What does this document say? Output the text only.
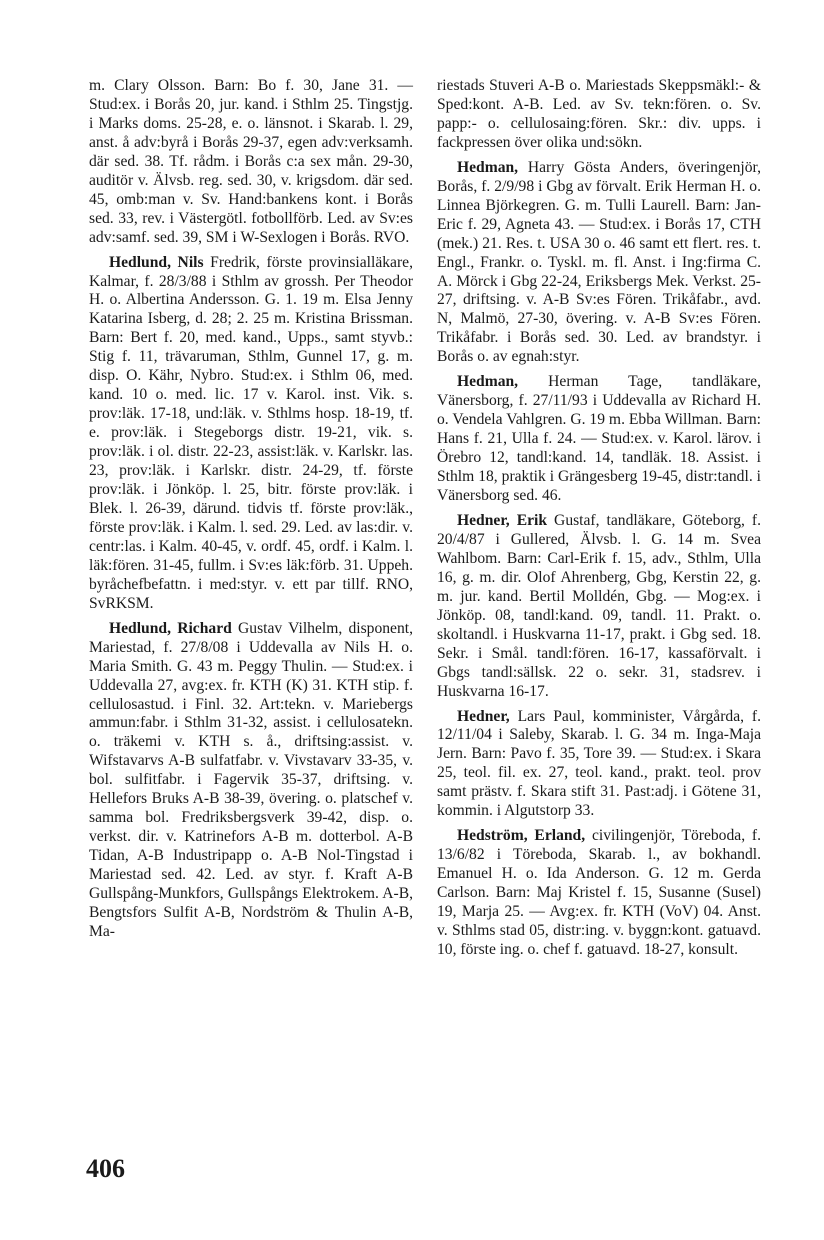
m. Clary Olsson. Barn: Bo f. 30, Jane 31. — Stud:ex. i Borås 20, jur. kand. i Sthlm 25. Tingstjg. i Marks doms. 25-28, e. o. länsnot. i Skarab. l. 29, anst. å adv:byrå i Borås 29-37, egen adv:verksamh. där sed. 38. Tf. rådm. i Borås c:a sex mån. 29-30, auditör v. Älvsb. reg. sed. 30, v. krigsdom. där sed. 45, omb:man v. Sv. Hand:bankens kont. i Borås sed. 33, rev. i Västergötl. fotbollförb. Led. av Sv:es adv:samf. sed. 39, SM i W-Sexlogen i Borås. RVO.

Hedlund, Nils Fredrik, förste provinsialläkare, Kalmar, f. 28/3/88 i Sthlm av grossh. Per Theodor H. o. Albertina Andersson. G. 1. 19 m. Elsa Jenny Katarina Isberg, d. 28; 2. 25 m. Kristina Brissman. Barn: Bert f. 20, med. kand., Upps., samt styvb.: Stig f. 11, trävaruman, Sthlm, Gunnel 17, g. m. disp. O. Kähr, Nybro. Stud:ex. i Sthlm 06, med. kand. 10 o. med. lic. 17 v. Karol. inst. Vik. s. prov:läk. 17-18, und:läk. v. Sthlms hosp. 18-19, tf. e. prov:läk. i Stegeborgs distr. 19-21, vik. s. prov:läk. i ol. distr. 22-23, assist:läk. v. Karlskr. las. 23, prov:läk. i Karlskr. distr. 24-29, tf. förste prov:läk. i Jönköp. l. 25, bitr. förste prov:läk. i Blek. l. 26-39, därund. tidvis tf. förste prov:läk., förste prov:läk. i Kalm. l. sed. 29. Led. av las:dir. v. centr:las. i Kalm. 40-45, v. ordf. 45, ordf. i Kalm. l. läk:fören. 31-45, fullm. i Sv:es läk:förb. 31. Uppeh. byråchefbefattn. i med:styr. v. ett par tillf. RNO, SvRKSM.

Hedlund, Richard Gustav Vilhelm, disponent, Mariestad, f. 27/8/08 i Uddevalla av Nils H. o. Maria Smith. G. 43 m. Peggy Thulin. — Stud:ex. i Uddevalla 27, avg:ex. fr. KTH (K) 31. KTH stip. f. cellulosastud. i Finl. 32. Art:tekn. v. Mariebergs ammun:fabr. i Sthlm 31-32, assist. i cellulosatekn. o. träkemi v. KTH s. å., driftsing:assist. v. Wifstavarvs A-B sulfatfabr. v. Vivstavarv 33-35, v. bol. sulfitfabr. i Fagervik 35-37, driftsing. v. Hellefors Bruks A-B 38-39, övering. o. platschef v. samma bol. Fredriksbergsverk 39-42, disp. o. verkst. dir. v. Katrinefors A-B m. dotterbol. A-B Tidan, A-B Industripapp o. A-B Nol-Tingstad i Mariestad sed. 42. Led. av styr. f. Kraft A-B Gullspång-Munkfors, Gullspångs Elektrokem. A-B, Bengtsfors Sulfit A-B, Nordström & Thulin A-B, Ma-

riestads Stuveri A-B o. Mariestads Skeppsmäkl:- & Sped:kont. A-B. Led. av Sv. tekn:fören. o. Sv. papp:- o. cellulosaing:fören. Skr.: div. upps. i fackpressen över olika und:sökn.

Hedman, Harry Gösta Anders, överingenjör, Borås, f. 2/9/98 i Gbg av förvalt. Erik Herman H. o. Linnea Björkegren. G. m. Tulli Laurell. Barn: Jan-Eric f. 29, Agneta 43. — Stud:ex. i Borås 17, CTH (mek.) 21. Res. t. USA 30 o. 46 samt ett flert. res. t. Engl., Frankr. o. Tyskl. m. fl. Anst. i Ing:firma C. A. Mörck i Gbg 22-24, Eriksbergs Mek. Verkst. 25-27, driftsing. v. A-B Sv:es Fören. Trikåfabr., avd. N, Malmö, 27-30, övering. v. A-B Sv:es Fören. Trikåfabr. i Borås sed. 30. Led. av brandstyr. i Borås o. av egnah:styr.

Hedman, Herman Tage, tandläkare, Vänersborg, f. 27/11/93 i Uddevalla av Richard H. o. Vendela Vahlgren. G. 19 m. Ebba Willman. Barn: Hans f. 21, Ulla f. 24. — Stud:ex. v. Karol. lärov. i Örebro 12, tandl:kand. 14, tandläk. 18. Assist. i Sthlm 18, praktik i Grängesberg 19-45, distr:tandl. i Vänersborg sed. 46.

Hedner, Erik Gustaf, tandläkare, Göteborg, f. 20/4/87 i Gullered, Älvsb. l. G. 14 m. Svea Wahlbom. Barn: Carl-Erik f. 15, adv., Sthlm, Ulla 16, g. m. dir. Olof Ahrenberg, Gbg, Kerstin 22, g. m. jur. kand. Bertil Molldén, Gbg. — Mog:ex. i Jönköp. 08, tandl:kand. 09, tandl. 11. Prakt. o. skoltandl. i Huskvarna 11-17, prakt. i Gbg sed. 18. Sekr. i Smål. tandl:fören. 16-17, kassaförvalt. i Gbgs tandl:sällsk. 22 o. sekr. 31, stadsrev. i Huskvarna 16-17.

Hedner, Lars Paul, komminister, Vårgårda, f. 12/11/04 i Saleby, Skarab. l. G. 34 m. Inga-Maja Jern. Barn: Pavo f. 35, Tore 39. — Stud:ex. i Skara 25, teol. fil. ex. 27, teol. kand., prakt. teol. prov samt prästv. f. Skara stift 31. Past:adj. i Götene 31, kommin. i Algutstorp 33.

Hedström, Erland, civilingenjör, Töreboda, f. 13/6/82 i Töreboda, Skarab. l., av bokhandl. Emanuel H. o. Ida Anderson. G. 12 m. Gerda Carlson. Barn: Maj Kristel f. 15, Susanne (Susel) 19, Marja 25. — Avg:ex. fr. KTH (VoV) 04. Anst. v. Sthlms stad 05, distr:ing. v. byggn:kont. gatuavd. 10, förste ing. o. chef f. gatuavd. 18-27, konsult.

406
